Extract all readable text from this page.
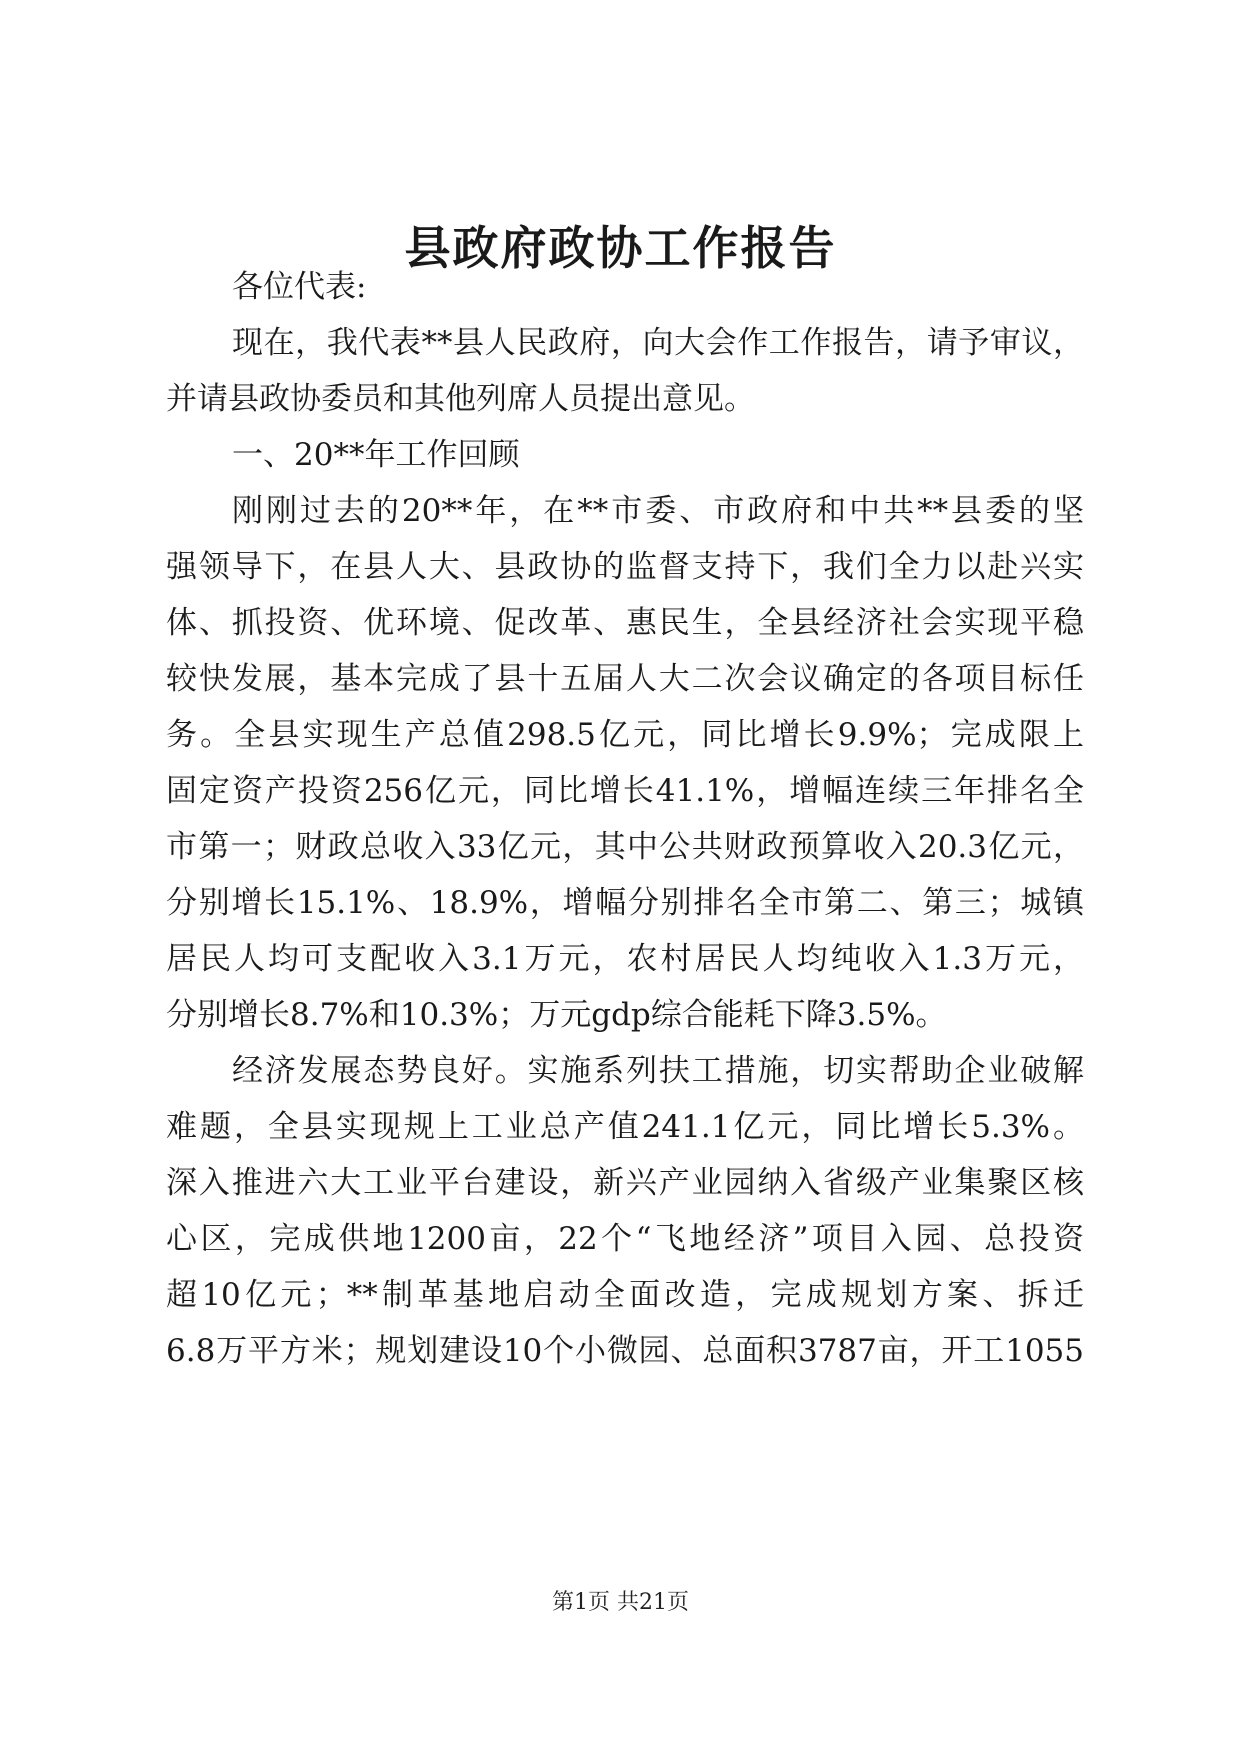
县政府政协工作报告
各位代表:
现在，我代表**县人民政府，向大会作工作报告，请予审议，
并请县政协委员和其他列席人员提出意见。
一、20**年工作回顾
刚刚过去的20**年，在**市委、市政府和中共**县委的坚
强领导下，在县人大、县政协的监督支持下，我们全力以赴兴实
体、抓投资、优环境、促改革、惠民生，全县经济社会实现平稳
较快发展，基本完成了县十五届人大二次会议确定的各项目标任
务。全县实现生产总值298.5亿元，同比增长9.9%；完成限上
固定资产投资256亿元，同比增长41.1%，增幅连续三年排名全
市第一；财政总收入33亿元，其中公共财政预算收入20.3亿元，
分别增长15.1%、18.9%，增幅分别排名全市第二、第三；城镇
居民人均可支配收入3.1万元，农村居民人均纯收入1.3万元，
分别增长8.7%和10.3%；万元gdp综合能耗下降3.5%。
经济发展态势良好。实施系列扶工措施，切实帮助企业破解
难题，全县实现规上工业总产值241.1亿元，同比增长5.3%。
深入推进六大工业平台建设，新兴产业园纳入省级产业集聚区核
心区，完成供地1200亩，22个“飞地经济”项目入园、总投资
超10亿元；**制革基地启动全面改造，完成规划方案、拆迁
6.8万平方米；规划建设10个小微园、总面积3787亩，开工1055
第1页 共21页
